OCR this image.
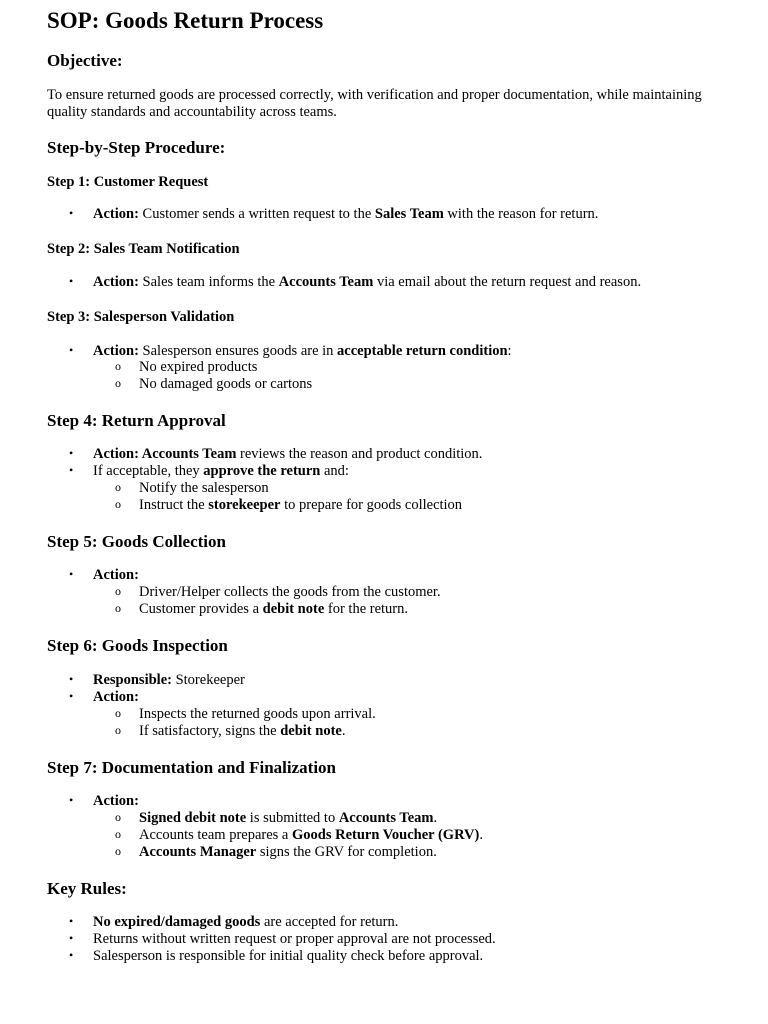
SOP: Goods Return Process
Objective:
To ensure returned goods are processed correctly, with verification and proper documentation, while maintaining quality standards and accountability across teams.
Step-by-Step Procedure:
Step 1: Customer Request
• Action: Customer sends a written request to the Sales Team with the reason for return.
Step 2: Sales Team Notification
• Action: Sales team informs the Accounts Team via email about the return request and reason.
Step 3: Salesperson Validation
• Action: Salesperson ensures goods are in acceptable return condition:
o No expired products
o No damaged goods or cartons
Step 4: Return Approval
• Action: Accounts Team reviews the reason and product condition.
• If acceptable, they approve the return and:
o Notify the salesperson
o Instruct the storekeeper to prepare for goods collection
Step 5: Goods Collection
• Action:
o Driver/Helper collects the goods from the customer.
o Customer provides a debit note for the return.
Step 6: Goods Inspection
• Responsible: Storekeeper
• Action:
o Inspects the returned goods upon arrival.
o If satisfactory, signs the debit note.
Step 7: Documentation and Finalization
• Action:
o Signed debit note is submitted to Accounts Team.
o Accounts team prepares a Goods Return Voucher (GRV).
o Accounts Manager signs the GRV for completion.
Key Rules:
• No expired/damaged goods are accepted for return.
• Returns without written request or proper approval are not processed.
• Salesperson is responsible for initial quality check before approval.
